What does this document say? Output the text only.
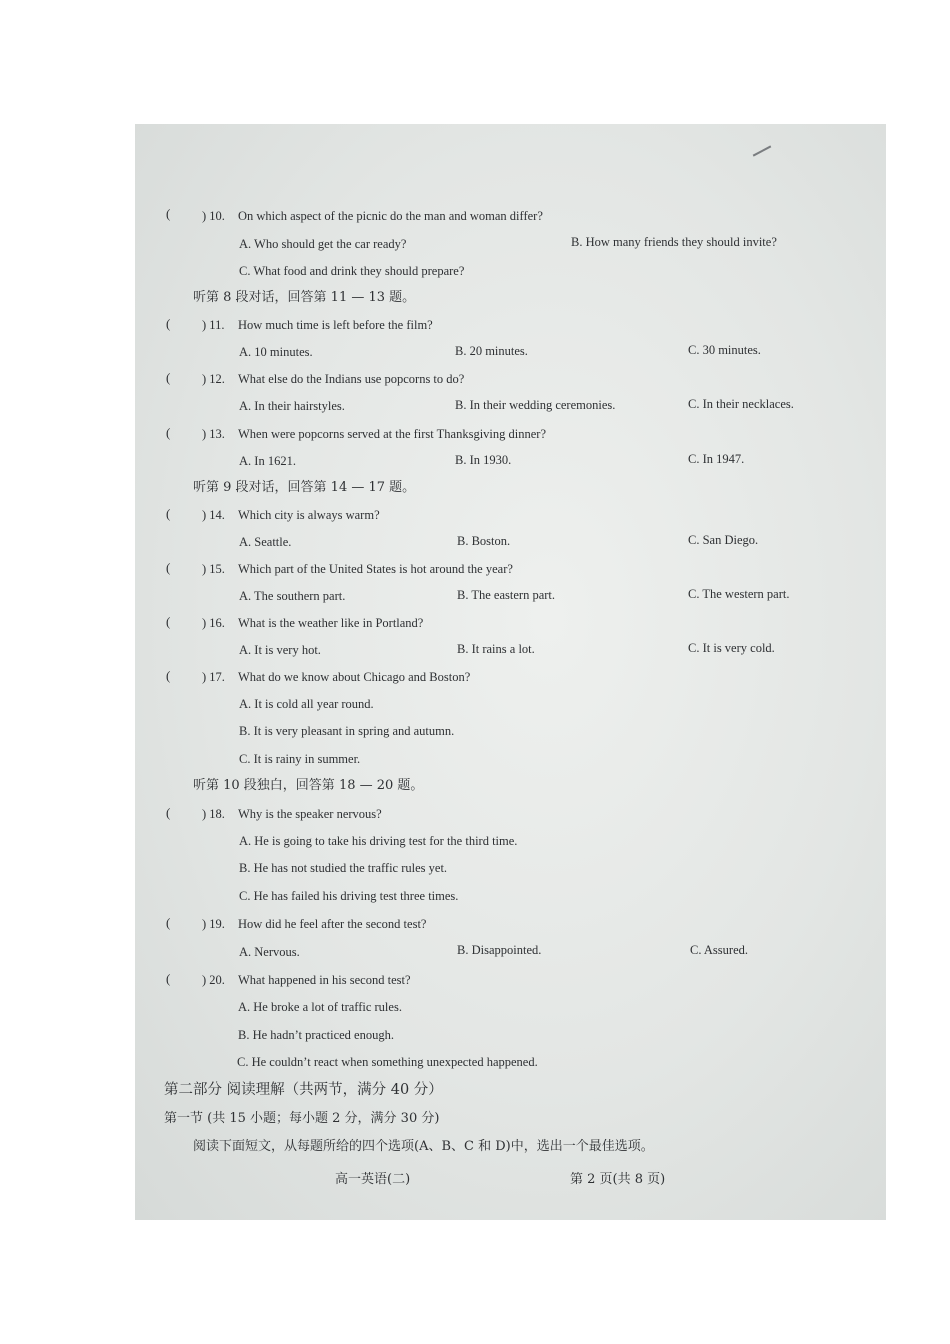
(	) 10. On which aspect of the picnic do the man and woman differ?
A. Who should get the car ready?	B. How many friends they should invite?
C. What food and drink they should prepare?
听第 8 段对话，回答第 11 — 13 题。
(	) 11. How much time is left before the film?
A. 10 minutes.	B. 20 minutes.	C. 30 minutes.
(	) 12. What else do the Indians use popcorns to do?
A. In their hairstyles.	B. In their wedding ceremonies.	C. In their necklaces.
(	) 13. When were popcorns served at the first Thanksgiving dinner?
A. In 1621.	B. In 1930.	C. In 1947.
听第 9 段对话，回答第 14 — 17 题。
(	) 14. Which city is always warm?
A. Seattle.	B. Boston.	C. San Diego.
(	) 15. Which part of the United States is hot around the year?
A. The southern part.	B. The eastern part.	C. The western part.
(	) 16. What is the weather like in Portland?
A. It is very hot.	B. It rains a lot.	C. It is very cold.
(	) 17. What do we know about Chicago and Boston?
A. It is cold all year round.
B. It is very pleasant in spring and autumn.
C. It is rainy in summer.
听第 10 段独白，回答第 18 — 20 题。
(	) 18. Why is the speaker nervous?
A. He is going to take his driving test for the third time.
B. He has not studied the traffic rules yet.
C. He has failed his driving test three times.
(	) 19. How did he feel after the second test?
A. Nervous.	B. Disappointed.	C. Assured.
(	) 20. What happened in his second test?
A. He broke a lot of traffic rules.
B. He hadn’t practiced enough.
C. He couldn’t react when something unexpected happened.
第二部分 阅读理解（共两节，满分 40 分）
第一节 (共 15 小题；每小题 2 分，满分 30 分)
阅读下面短文，从每题所给的四个选项(A、B、C 和 D)中，选出一个最佳选项。
高一英语(二)	第 2 页(共 8 页)
